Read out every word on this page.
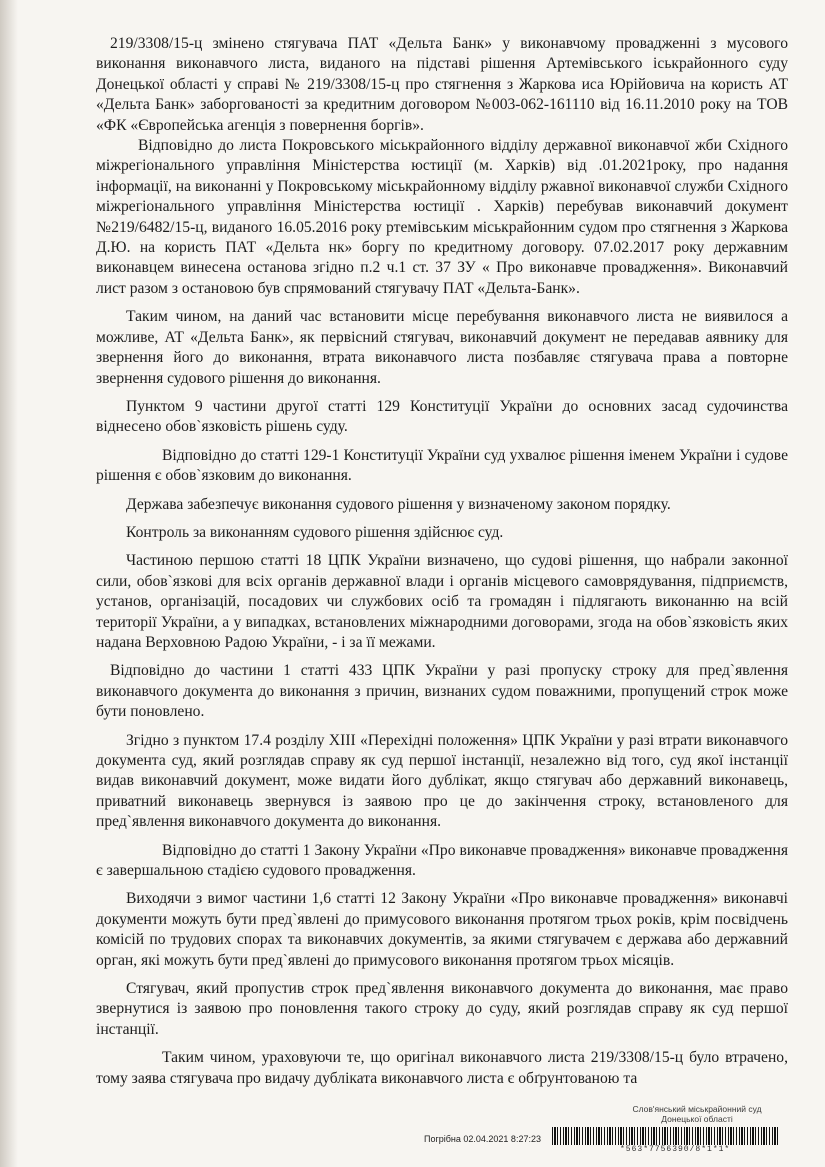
219/3308/15-ц змінено стягувача ПАТ «Дельта Банк» у виконавчому провадженні з мусового виконання виконавчого листа, виданого на підставі рішення Артемівського іськрайонного суду Донецької області у справі № 219/3308/15-ц про стягнення з Жаркова иса Юрійовича на користь АТ «Дельта Банк» заборгованості за кредитним договором №003-062-161110 від 16.11.2010 року на ТОВ «ФК «Європейська агенція з повернення боргів».

Відповідно до листа Покровського міськрайонного відділу державної виконавчої жби Східного міжрегіонального управління Міністерства юстиції (м. Харків) від .01.2021року, про надання інформації, на виконанні у Покровському міськрайонному відділу ржавної виконавчої служби Східного міжрегіонального управління Міністерства юстиції . Харків) перебував виконавчий документ №219/6482/15-ц, виданого 16.05.2016 року ртемівським міськрайонним судом про стягнення з Жаркова Д.Ю. на користь ПАТ «Дельта нк» боргу по кредитному договору. 07.02.2017 року державним виконавцем винесена останова згідно п.2 ч.1 ст. 37 ЗУ « Про виконавче провадження». Виконавчий лист разом з остановою був спрямований стягувачу ПАТ «Дельта-Банк».

Таким чином, на даний час встановити місце перебування виконавчого листа не виявилося а можливе, АТ «Дельта Банк», як первісний стягувач, виконавчий документ не передавав аявнику для звернення його до виконання, втрата виконавчого листа позбавляє стягувача права а повторне звернення судового рішення до виконання.

Пунктом 9 частини другої статті 129 Конституції України до основних засад судочинства віднесено обов`язковість рішень суду.

Відповідно до статті 129-1 Конституції України суд ухвалює рішення іменем України і судове рішення є обов`язковим до виконання.

Держава забезпечує виконання судового рішення у визначеному законом порядку.

Контроль за виконанням судового рішення здійснює суд.

Частиною першою статті 18 ЦПК України визначено, що судові рішення, що набрали законної сили, обов`язкові для всіх органів державної влади і органів місцевого самоврядування, підприємств, установ, організацій, посадових чи службових осіб та громадян і підлягають виконанню на всій території України, а у випадках, встановлених міжнародними договорами, згода на обов`язковість яких надана Верховною Радою України, - і за її межами.

Відповідно до частини 1 статті 433 ЦПК України у разі пропуску строку для пред`явлення виконавчого документа до виконання з причин, визнаних судом поважними, пропущений строк може бути поновлено.

Згідно з пунктом 17.4 розділу XIII «Перехідні положення» ЦПК України у разі втрати виконавчого документа суд, який розглядав справу як суд першої інстанції, незалежно від того, суд якої інстанції видав виконавчий документ, може видати його дублікат, якщо стягувач або державний виконавець, приватний виконавець звернувся із заявою про це до закінчення строку, встановленого для пред`явлення виконавчого документа до виконання.

Відповідно до статті 1 Закону України «Про виконавче провадження» виконавче провадження є завершальною стадією судового провадження.

Виходячи з вимог частини 1,6 статті 12 Закону України «Про виконавче провадження» виконавчі документи можуть бути пред`явлені до примусового виконання протягом трьох років, крім посвідчень комісій по трудових спорах та виконавчих документів, за якими стягувачем є держава або державний орган, які можуть бути пред`явлені до примусового виконання протягом трьох місяців.

Стягувач, який пропустив строк пред`явлення виконавчого документа до виконання, має право звернутися із заявою про поновлення такого строку до суду, який розглядав справу як суд першої інстанції.

Таким чином, ураховуючи те, що оригінал виконавчого листа 219/3308/15-ц було втрачено, тому заява стягувача про видачу дубліката виконавчого листа є обґрунтованою та

Слов'янський міськрайонний суд
Донецької області
Погрібна 02.04.2021 8:27:23
*563*7756390/8*1*1*
